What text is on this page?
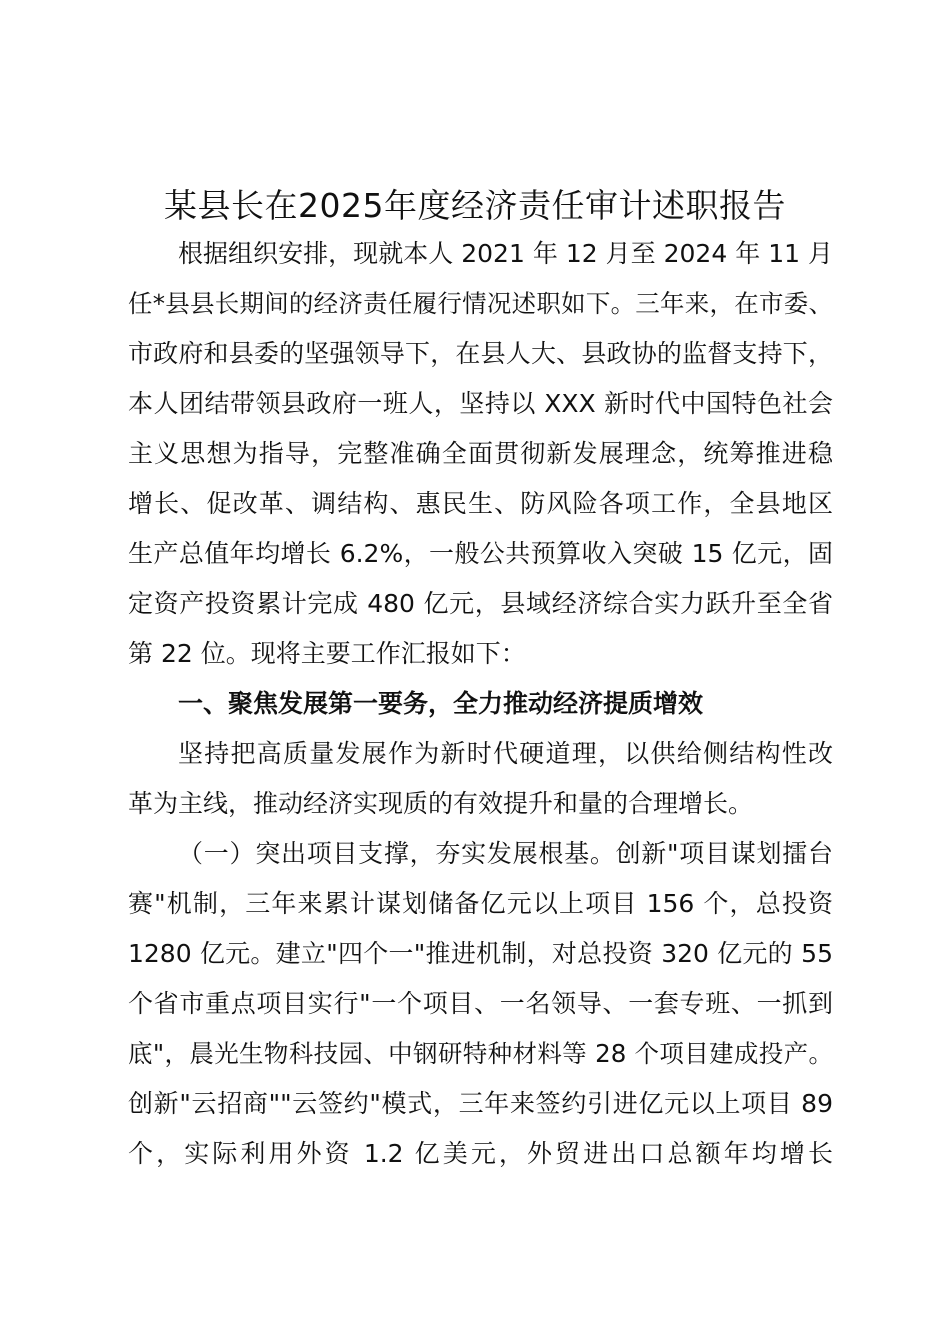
某县长在2025年度经济责任审计述职报告
根据组织安排，现就本人 2021 年 12 月至 2024 年 11 月
任*县县长期间的经济责任履行情况述职如下。三年来，在市委、
市政府和县委的坚强领导下，在县人大、县政协的监督支持下，
本人团结带领县政府一班人，坚持以 XXX 新时代中国特色社会
主义思想为指导，完整准确全面贯彻新发展理念，统筹推进稳
增长、促改革、调结构、惠民生、防风险各项工作，全县地区
生产总值年均增长 6.2%，一般公共预算收入突破 15 亿元，固
定资产投资累计完成 480 亿元，县域经济综合实力跃升至全省
第 22 位。现将主要工作汇报如下：
一、聚焦发展第一要务，全力推动经济提质增效
坚持把高质量发展作为新时代硬道理，以供给侧结构性改
革为主线，推动经济实现质的有效提升和量的合理增长。
（一）突出项目支撑，夯实发展根基。创新"项目谋划擂台
赛"机制，三年来累计谋划储备亿元以上项目 156 个，总投资
1280 亿元。建立"四个一"推进机制，对总投资 320 亿元的 55
个省市重点项目实行"一个项目、一名领导、一套专班、一抓到
底"，晨光生物科技园、中钢研特种材料等 28 个项目建成投产。
创新"云招商""云签约"模式，三年来签约引进亿元以上项目 89
个，实际利用外资 1.2 亿美元，外贸进出口总额年均增长
